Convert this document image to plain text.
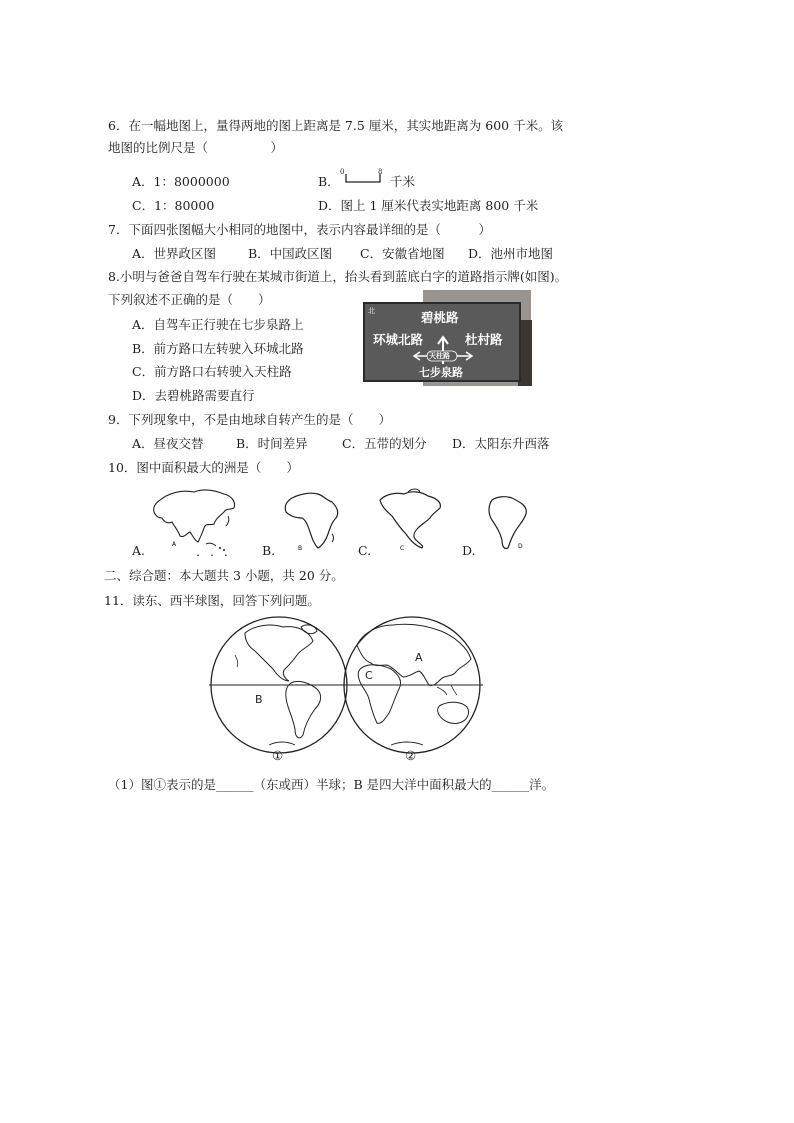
6．在一幅地图上，量得两地的图上距离是 7.5 厘米，其实地距离为 600 千米。该
地图的比例尺是（　　　　　）
A．1：8000000	B．
0	8
千米
C．1：80000	D．图上 1 厘米代表实地距离 800 千米
7．下面四张图幅大小相同的地图中，表示内容最详细的是（　　　）
A．世界政区图	B．中国政区图 C．安徽省地图 D．池州市地图
8.小明与爸爸自驾车行驶在某城市街道上，抬头看到蓝底白字的道路指示牌(如图)。
下列叙述不正确的是（　　）
A．自驾车正行驶在七步泉路上
B．前方路口左转驶入环城北路
C．前方路口右转驶入天柱路
D．去碧桃路需要直行
北	碧桃路
环城北路	杜村路
天柱路
七步泉路
9．下列现象中，不是由地球自转产生的是（　　）
A．昼夜交替	B．时间差异	C．五带的划分 D．太阳东升西落
10．图中面积最大的洲是（　　）
A . . .	B	C	D
A.	B.	C.	D.
二、综合题：本大题共 3 小题，共 20 分。
11．读东、西半球图，回答下列问题。
B
A
C
①	②
（1）图①表示的是______（东或西）半球；B 是四大洋中面积最大的______洋。
